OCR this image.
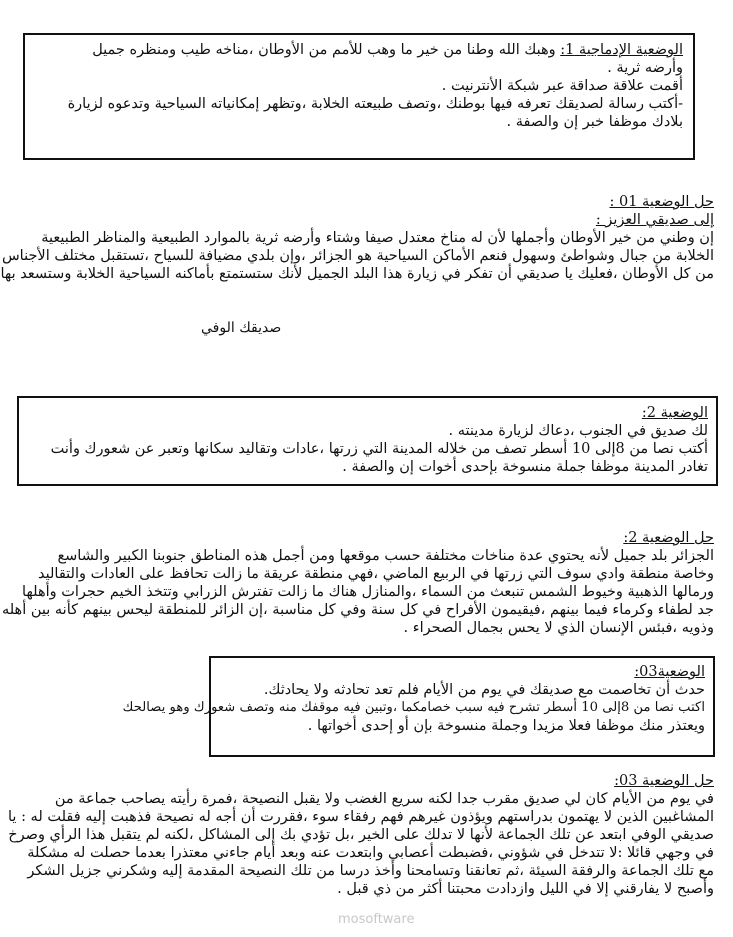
الوضعية الإدماجية 1: وهبك الله وطنا من خير ما وهب للأمم من الأوطان ،مناخه طيب ومنظره جميل
وأرضه ثرية .
أقمت علاقة صداقة عبر شبكة الأنترنيت .
-أكتب رسالة لصديقك تعرفه فيها بوطنك ،وتصف طبيعته الخلابة ،وتظهر إمكانياته السياحية وتدعوه لزيارة
بلادك موظفا خبر إن والصفة .
حل الوضعية 01 :
إلى صديقي العزيز :
إن وطني من خير الأوطان وأجملها لأن له مناخ معتدل صيفا وشتاء وأرضه ثرية بالموارد الطبيعية والمناظر الطبيعية
الخلابة من جبال وشواطئ وسهول فنعم الأماكن السياحية هو الجزائر ،وإن بلدي مضيافة للسياح ،تستقبل مختلف الأجناس
من كل الأوطان ،فعليك يا صديقي أن تفكر في زيارة هذا البلد الجميل لأنك ستستمتع بأماكنه السياحية الخلابة وستسعد بها
صديقك الوفي
الوضعية 2:
لك صديق في الجنوب ،دعاك لزيارة مدينته .
أكتب نصا من 8إلى 10 أسطر تصف من خلاله المدينة التي زرتها ،عادات وتقاليد سكانها وتعبر عن شعورك وأنت
تغادر المدينة موظفا جملة منسوخة بإحدى أخوات إن والصفة .
حل الوضعية 2:
الجزائر بلد جميل لأنه يحتوي عدة مناخات مختلفة حسب موقعها ومن أجمل هذه المناطق جنوبنا الكبير والشاسع
وخاصة منطقة وادي سوف التي زرتها في الربيع الماضي ،فهي منطقة عريقة ما زالت تحافظ على العادات والتقاليد
ورمالها الذهبية وخيوط الشمس تنبعث من السماء ،والمنازل هناك ما زالت تفترش الزرابي وتتخذ الخيم حجرات وأهلها
جد لطفاء وكرماء فيما بينهم ،فيقيمون الأفراح في كل سنة وفي كل مناسبة ،إن الزائر للمنطقة ليحس بينهم كأنه بين أهله
وذويه ،فبئس الإنسان الذي لا يحس بجمال الصحراء .
الوضعية03:
حدث أن تخاصمت مع صديقك في يوم من الأيام فلم تعد تحادثه ولا يحادثك.
اكتب نصا من 8إلى 10 أسطر تشرح فيه سبب خصامكما ،وتبين فيه موقفك منه وتصف شعورك وهو يصالحك
ويعتذر منك موظفا فعلا مزيدا وجملة منسوخة بإن أو إحدى أخواتها .
حل الوضعية 03:
في يوم من الأيام كان لي صديق مقرب جدا لكنه سريع الغضب ولا يقبل النصيحة ،فمرة رأيته يصاحب جماعة من
المشاغبين الذين لا يهتمون بدراستهم ويؤذون غيرهم فهم رفقاء سوء ،فقررت أن أجه له نصيحة فذهبت إليه فقلت له : يا
صديقي الوفي ابتعد عن تلك الجماعة لأنها لا تدلك على الخير ،بل تؤدي بك إلى المشاكل ،لكنه لم يتقبل هذا الرأي وصرخ
في وجهي قائلا :لا تتدخل في شؤوني ،فضبطت أعصابي وابتعدت عنه وبعد أيام جاءني معتذرا بعدما حصلت له مشكلة
مع تلك الجماعة والرفقة السيئة ،ثم تعانقنا وتسامحنا وأخذ درسا من تلك النصيحة المقدمة إليه وشكرني جزيل الشكر
وأصبح لا يفارقني إلا في الليل وازدادت محبتنا أكثر من ذي قبل .
mosoftware
